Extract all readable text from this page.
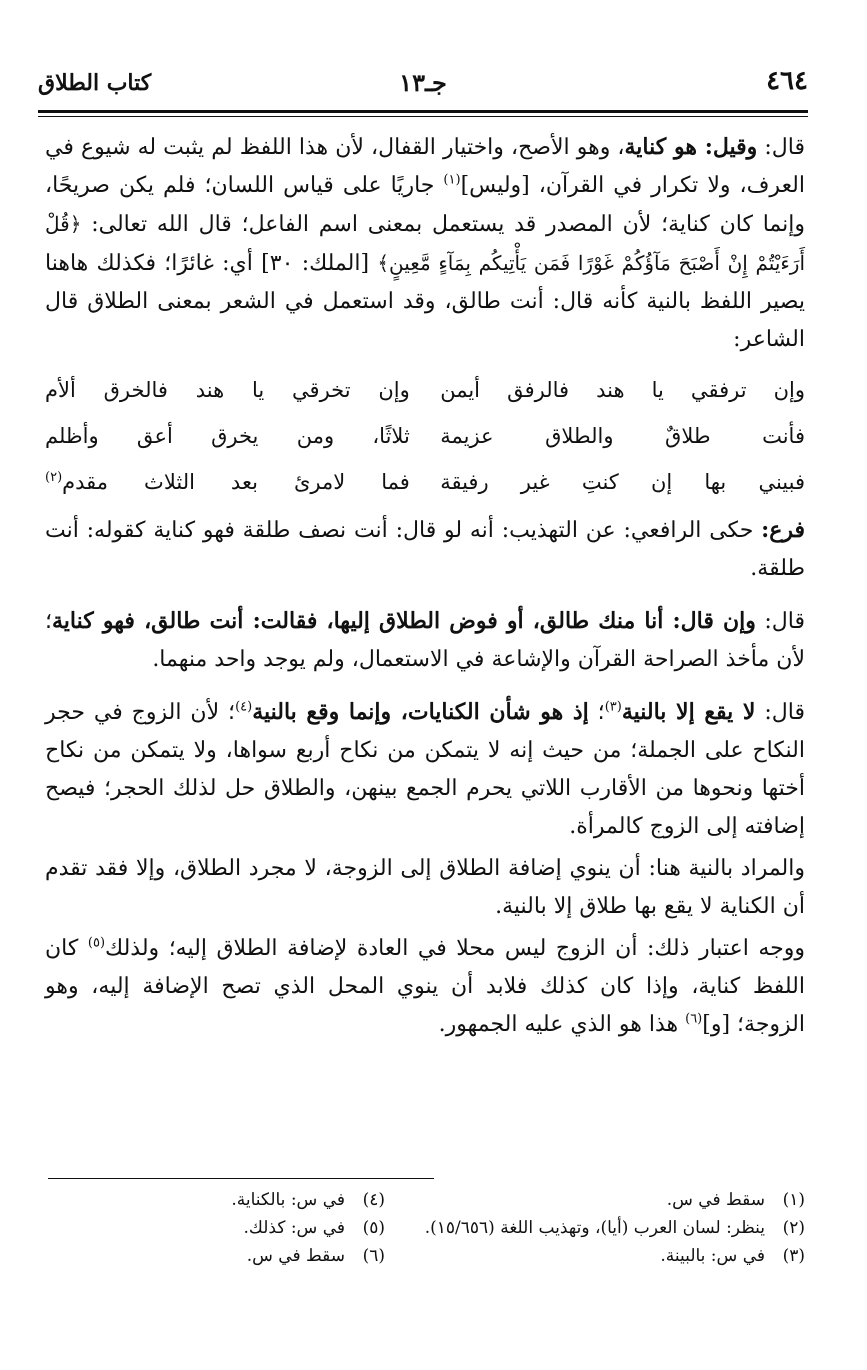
٤٦٤
جـ١٣
كتاب الطلاق

قال: وقيل: هو كناية، وهو الأصح، واختيار القفال، لأن هذا اللفظ لم يثبت له شيوع في العرف، ولا تكرار في القرآن، [وليس]$^{(١)}$ جاريًا على قياس اللسان؛ فلم يكن صريحًا، وإنما كان كناية؛ لأن المصدر قد يستعمل بمعنى اسم الفاعل؛ قال الله تعالى: ﴿قُلْ أَرَءَيْتُمْ إِنْ أَصْبَحَ مَآؤُكُمْ غَوْرًا فَمَن يَأْتِيكُم بِمَآءٍ مَّعِينٍ﴾ [الملك: ٣٠] أي: غائرًا؛ فكذلك هاهنا يصير اللفظ بالنية كأنه قال: أنت طالق، وقد استعمل في الشعر بمعنى الطلاق قال الشاعر:

وإن ترفقي يا هند فالرفق أيمن
وإن تخرقي يا هند فالخرق ألأم
فأنت طلاقٌ والطلاق عزيمة
ثلاثًا، ومن يخرق أعق وأظلم
فبيني بها إن كنتِ غير رفيقة
فما لامرئ بعد الثلاث مقدم$^{(٢)}$

فرع: حكى الرافعي: عن التهذيب: أنه لو قال: أنت نصف طلقة فهو كناية كقوله: أنت طلقة.

قال: وإن قال: أنا منك طالق، أو فوض الطلاق إليها، فقالت: أنت طالق، فهو كناية؛ لأن مأخذ الصراحة القرآن والإشاعة في الاستعمال، ولم يوجد واحد منهما.

قال: لا يقع إلا بالنية$^{(٣)}$؛ إذ هو شأن الكنايات، وإنما وقع بالنية$^{(٤)}$؛ لأن الزوج في حجر النكاح على الجملة؛ من حيث إنه لا يتمكن من نكاح أربع سواها، ولا يتمكن من نكاح أختها ونحوها من الأقارب اللاتي يحرم الجمع بينهن، والطلاق حل لذلك الحجر؛ فيصح إضافته إلى الزوج كالمرأة.

والمراد بالنية هنا: أن ينوي إضافة الطلاق إلى الزوجة، لا مجرد الطلاق، وإلا فقد تقدم أن الكناية لا يقع بها طلاق إلا بالنية.

ووجه اعتبار ذلك: أن الزوج ليس محلا في العادة لإضافة الطلاق إليه؛ ولذلك$^{(٥)}$ كان اللفظ كناية، وإذا كان كذلك فلابد أن ينوي المحل الذي تصح الإضافة إليه، وهو الزوجة؛ [و]$^{(٦)}$ هذا هو الذي عليه الجمهور.

(١)
سقط في س.
(٢)
ينظر: لسان العرب (أيا)، وتهذيب اللغة (١٥/٦٥٦).
(٣)
في س: بالبينة.
(٤)
في س: بالكناية.
(٥)
في س: كذلك.
(٦)
سقط في س.
